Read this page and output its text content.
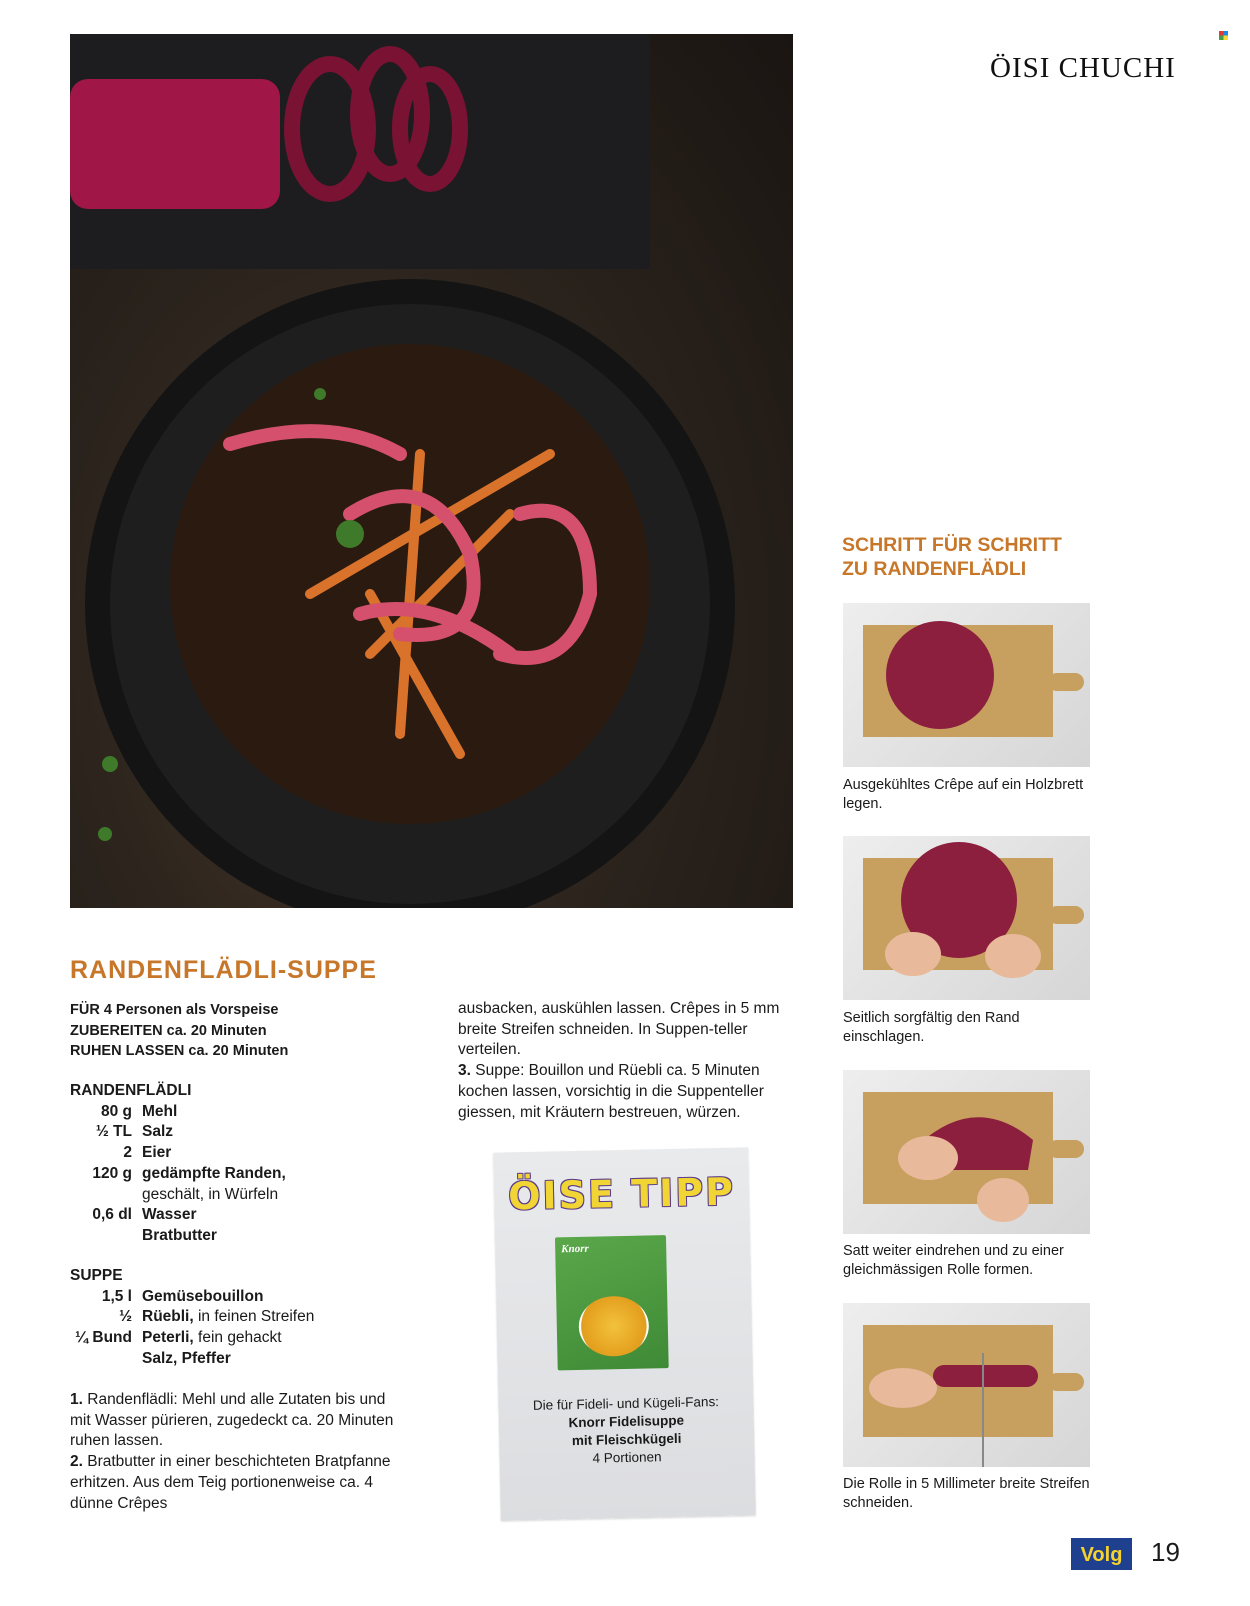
ÖISI CHUCHI
RANDENFLÄDLI-SUPPE
FÜR 4 Personen als Vorspeise
ZUBEREITEN ca. 20 Minuten
RUHEN LASSEN ca. 20 Minuten
RANDENFLÄDLI
80 g Mehl
½ TL Salz
2 Eier
120 g gedämpfte Randen,
geschält, in Würfeln
0,6 dl Wasser
Bratbutter
SUPPE
1,5 l Gemüsebouillon
½ Rüebli, in feinen Streifen
¼ Bund Peterli, fein gehackt
Salz, Pfeffer

1. Randenflädli: Mehl und alle Zutaten bis und mit Wasser pürieren, zugedeckt ca. 20 Minuten ruhen lassen.

2. Bratbutter in einer beschichteten Bratpfanne erhitzen. Aus dem Teig portionenweise ca. 4 dünne Crêpes

ausbacken, auskühlen lassen. Crêpes in 5 mm breite Streifen schneiden. In Suppen-teller verteilen.

3. Suppe: Bouillon und Rüebli ca. 5 Minuten kochen lassen, vorsichtig in die Suppenteller giessen, mit Kräutern bestreuen, würzen.

ÖISE TIPP
Knorr
Die für Fideli- und Kügeli-Fans:
Knorr Fidelisuppe
mit Fleischkügeli
4 Portionen
SCHRITT FÜR SCHRITT
ZU RANDENFLÄDLI
Ausgekühltes Crêpe auf ein Holzbrett legen.
Seitlich sorgfältig den Rand einschlagen.
Satt weiter eindrehen und zu einer gleichmässigen Rolle formen.
Die Rolle in 5 Millimeter breite Streifen schneiden.
Volg 19
